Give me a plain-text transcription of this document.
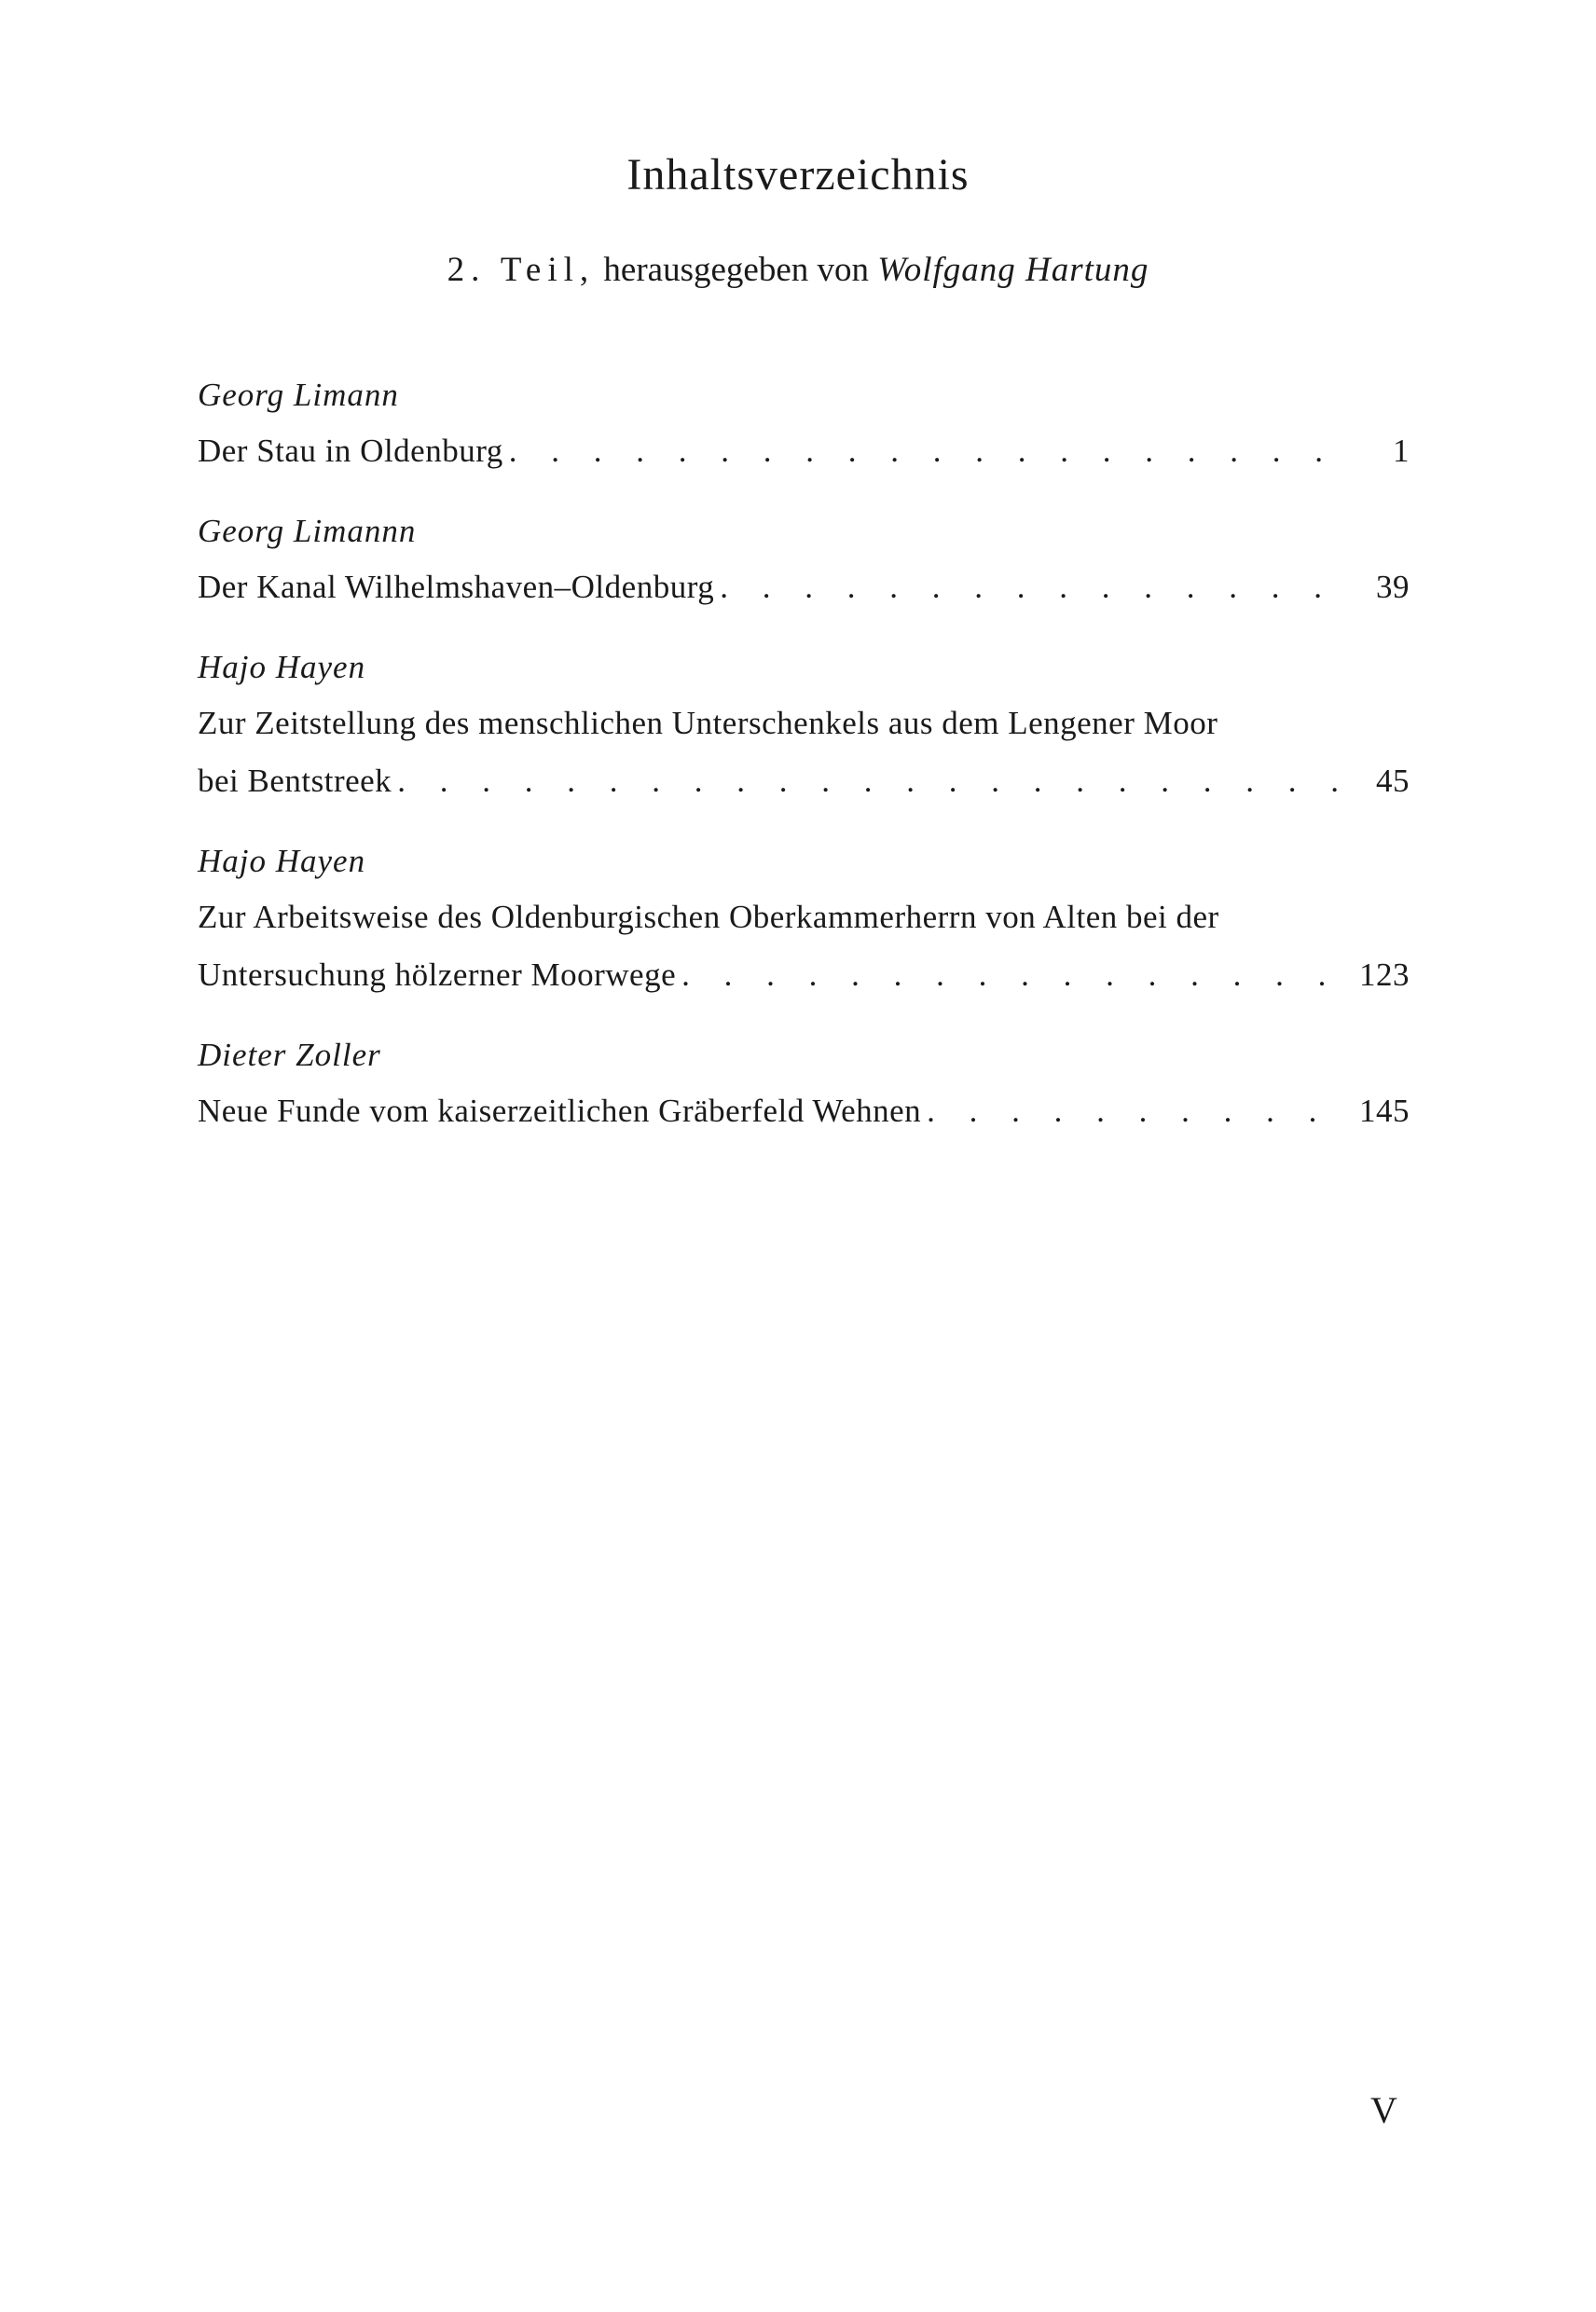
Inhaltsverzeichnis
2. Teil, herausgegeben von Wolfgang Hartung
Georg Limann
Der Stau in Oldenburg . . .	1
Georg Limannn
Der Kanal Wilhelmshaven–Oldenburg . . .	39
Hajo Hayen
Zur Zeitstellung des menschlichen Unterschenkels aus dem Lengener Moor
bei Bentstreek . . .	45
Hajo Hayen
Zur Arbeitsweise des Oldenburgischen Oberkammerherrn von Alten bei der
Untersuchung hölzerner Moorwege . . .	123
Dieter Zoller
Neue Funde vom kaiserzeitlichen Gräberfeld Wehnen . . .	145
V
